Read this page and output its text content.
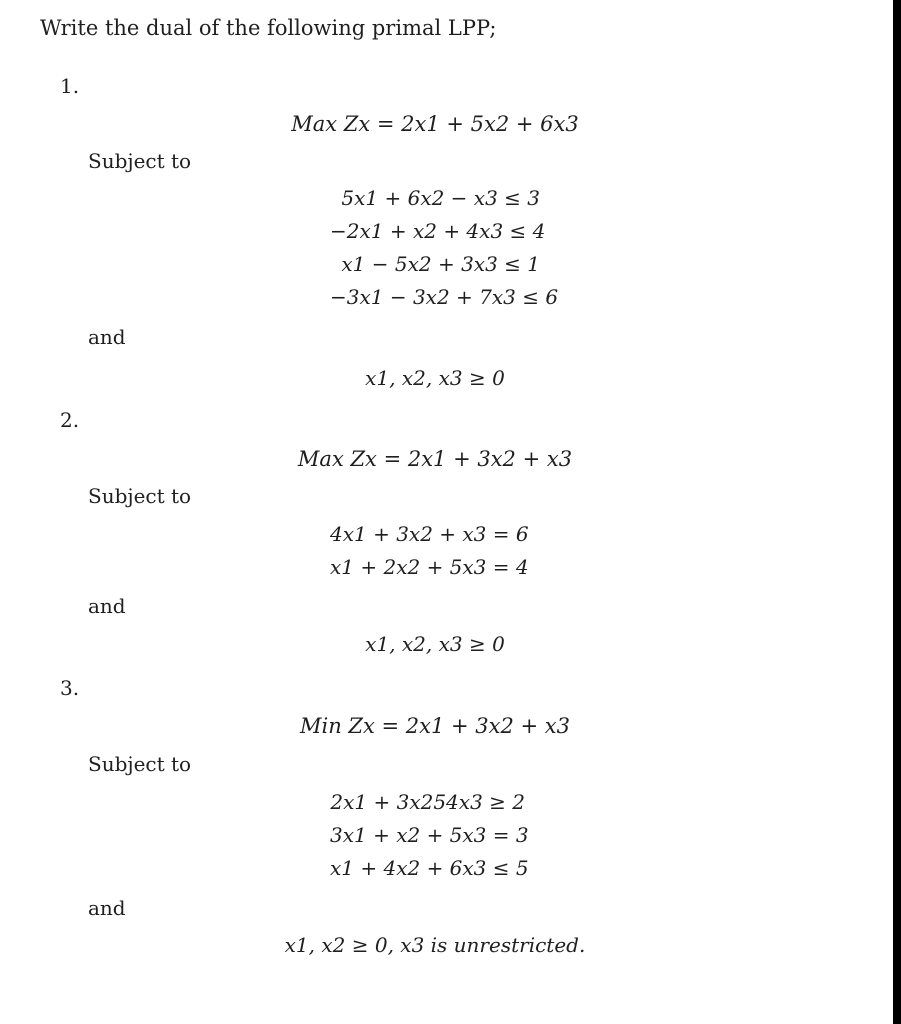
Write the dual of the following primal LPP;
1.
Max Zx = 2x1 + 5x2 + 6x3
Subject to
5x1 + 6x2 − x3 ≤ 3
−2x1 + x2 + 4x3 ≤ 4
x1 − 5x2 + 3x3 ≤ 1
−3x1 − 3x2 + 7x3 ≤ 6
and
x1, x2, x3 ≥ 0
2.
Max Zx = 2x1 + 3x2 + x3
Subject to
4x1 + 3x2 + x3 = 6
x1 + 2x2 + 5x3 = 4
and
x1, x2, x3 ≥ 0
3.
Min Zx = 2x1 + 3x2 + x3
Subject to
2x1 + 3x254x3 ≥ 2
3x1 + x2 + 5x3 = 3
x1 + 4x2 + 6x3 ≤ 5
and
x1, x2 ≥ 0, x3 is unrestricted.
